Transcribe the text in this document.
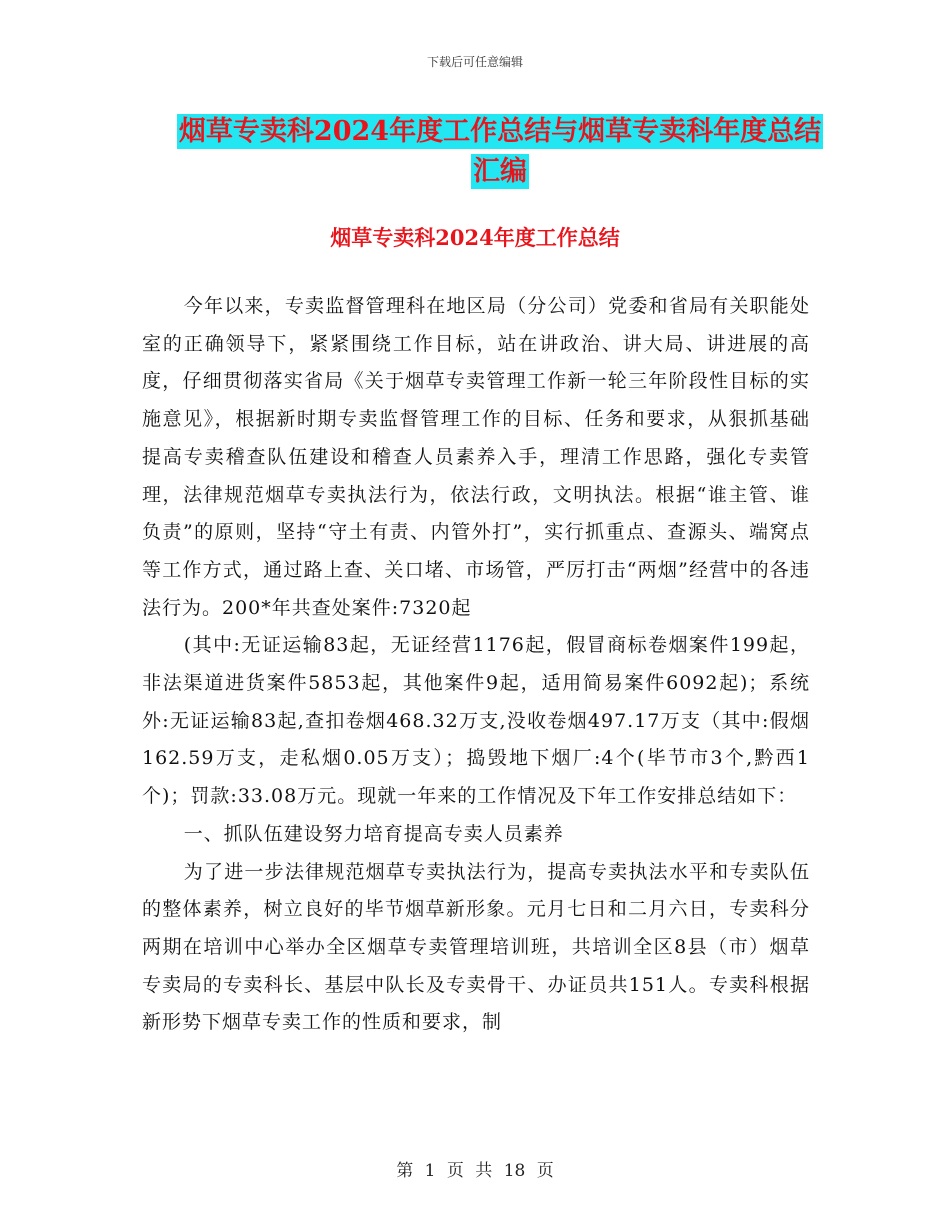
下载后可任意编辑
烟草专卖科2024年度工作总结与烟草专卖科年度总结
汇编
烟草专卖科2024年度工作总结

今年以来，专卖监督管理科在地区局（分公司）党委和省局有关职能处室的正确领导下，紧紧围绕工作目标，站在讲政治、讲大局、讲进展的高度，仔细贯彻落实省局《关于烟草专卖管理工作新一轮三年阶段性目标的实施意见》，根据新时期专卖监督管理工作的目标、任务和要求，从狠抓基础提高专卖稽查队伍建设和稽查人员素养入手，理清工作思路，强化专卖管理，法律规范烟草专卖执法行为，依法行政，文明执法。根据“谁主管、谁负责”的原则，坚持“守土有责、内管外打”，实行抓重点、查源头、端窝点等工作方式，通过路上查、关口堵、市场管，严厉打击“两烟”经营中的各违法行为。200*年共查处案件:7320起

(其中:无证运输83起，无证经营1176起，假冒商标卷烟案件199起，非法渠道进货案件5853起，其他案件9起，适用简易案件6092起)；系统外:无证运输83起,查扣卷烟468.32万支,没收卷烟497.17万支（其中:假烟162.59万支，走私烟0.05万支）；捣毁地下烟厂:4个(毕节市3个,黔西1个)；罚款:33.08万元。现就一年来的工作情况及下年工作安排总结如下：

一、抓队伍建设努力培育提高专卖人员素养

为了进一步法律规范烟草专卖执法行为，提高专卖执法水平和专卖队伍的整体素养，树立良好的毕节烟草新形象。元月七日和二月六日，专卖科分两期在培训中心举办全区烟草专卖管理培训班，共培训全区8县（市）烟草专卖局的专卖科长、基层中队长及专卖骨干、办证员共151人。专卖科根据新形势下烟草专卖工作的性质和要求，制

第 1 页 共 18 页
